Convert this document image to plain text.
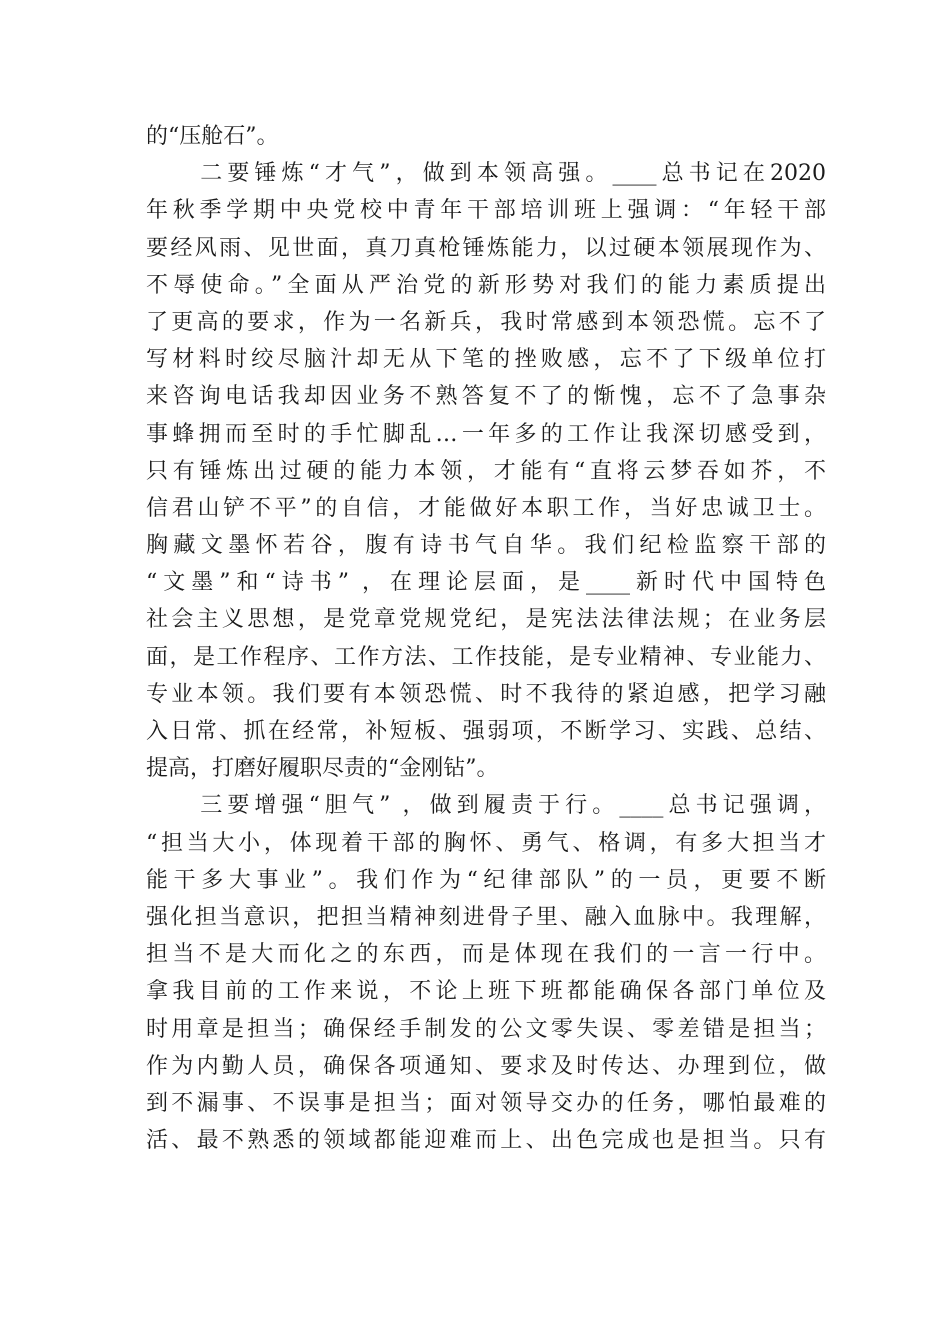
的“压舱石”。
　　二要锤炼“才气”，做到本领高强。____总书记在2020
年秋季学期中央党校中青年干部培训班上强调：“年轻干部
要经风雨、见世面，真刀真枪锤炼能力，以过硬本领展现作为、
不辱使命。”全面从严治党的新形势对我们的能力素质提出
了更高的要求，作为一名新兵，我时常感到本领恐慌。忘不了
写材料时绞尽脑汁却无从下笔的挫败感，忘不了下级单位打
来咨询电话我却因业务不熟答复不了的惭愧，忘不了急事杂
事蜂拥而至时的手忙脚乱…一年多的工作让我深切感受到，
只有锤炼出过硬的能力本领，才能有“直将云梦吞如芥，不
信君山铲不平”的自信，才能做好本职工作，当好忠诚卫士。
胸藏文墨怀若谷，腹有诗书气自华。我们纪检监察干部的
“文墨”和“诗书” ，在理论层面，是____新时代中国特色
社会主义思想，是党章党规党纪，是宪法法律法规；在业务层
面，是工作程序、工作方法、工作技能，是专业精神、专业能力、
专业本领。我们要有本领恐慌、时不我待的紧迫感，把学习融
入日常、抓在经常，补短板、强弱项，不断学习、实践、总结、
提高，打磨好履职尽责的“金刚钻”。
　　三要增强“胆气” ，做到履责于行。____总书记强调，
“担当大小，体现着干部的胸怀、勇气、格调，有多大担当才
能干多大事业”。我们作为“纪律部队”的一员，更要不断
强化担当意识，把担当精神刻进骨子里、融入血脉中。我理解，
担当不是大而化之的东西，而是体现在我们的一言一行中。
拿我目前的工作来说，不论上班下班都能确保各部门单位及
时用章是担当；确保经手制发的公文零失误、零差错是担当；
作为内勤人员，确保各项通知、要求及时传达、办理到位，做
到不漏事、不误事是担当；面对领导交办的任务，哪怕最难的
活、最不熟悉的领域都能迎难而上、出色完成也是担当。只有
